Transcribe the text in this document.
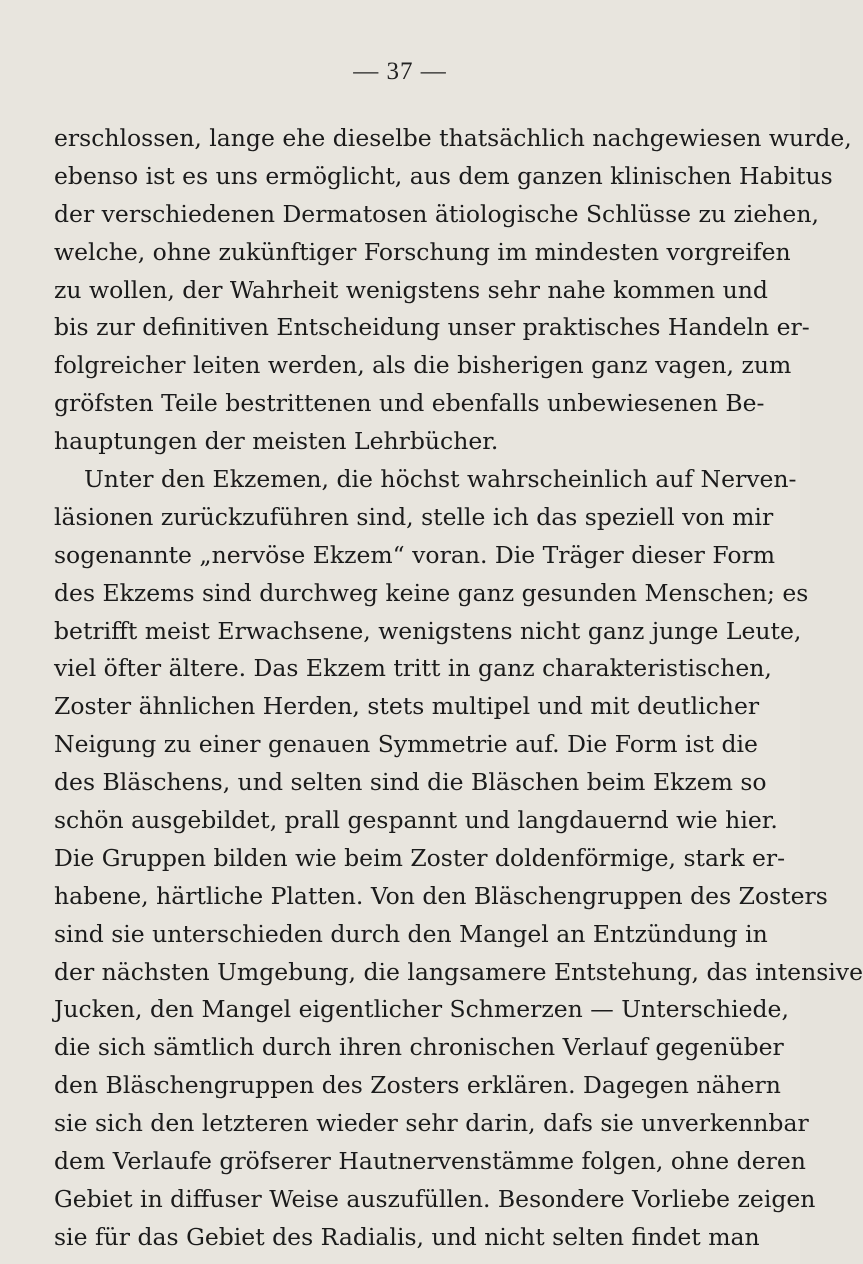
— 37 —
erschlossen, lange ehe dieselbe thatsächlich nachgewiesen wurde,
ebenso ist es uns ermöglicht, aus dem ganzen klinischen Habitus
der verschiedenen Dermatosen ätiologische Schlüsse zu ziehen,
welche, ohne zukünftiger Forschung im mindesten vorgreifen
zu wollen, der Wahrheit wenigstens sehr nahe kommen und
bis zur definitiven Entscheidung unser praktisches Handeln er-
folgreicher leiten werden, als die bisherigen ganz vagen, zum
gröfsten Teile bestrittenen und ebenfalls unbewiesenen Be-
hauptungen der meisten Lehrbücher.
Unter den Ekzemen, die höchst wahrscheinlich auf Nerven-
läsionen zurückzuführen sind, stelle ich das speziell von mir
sogenannte „nervöse Ekzem“ voran. Die Träger dieser Form
des Ekzems sind durchweg keine ganz gesunden Menschen; es
betrifft meist Erwachsene, wenigstens nicht ganz junge Leute,
viel öfter ältere. Das Ekzem tritt in ganz charakteristischen,
Zoster ähnlichen Herden, stets multipel und mit deutlicher
Neigung zu einer genauen Symmetrie auf. Die Form ist die
des Bläschens, und selten sind die Bläschen beim Ekzem so
schön ausgebildet, prall gespannt und langdauernd wie hier.
Die Gruppen bilden wie beim Zoster doldenförmige, stark er-
habene, härtliche Platten. Von den Bläschengruppen des Zosters
sind sie unterschieden durch den Mangel an Entzündung in
der nächsten Umgebung, die langsamere Entstehung, das intensive
Jucken, den Mangel eigentlicher Schmerzen — Unterschiede,
die sich sämtlich durch ihren chronischen Verlauf gegenüber
den Bläschengruppen des Zosters erklären. Dagegen nähern
sie sich den letzteren wieder sehr darin, dafs sie unverkennbar
dem Verlaufe gröfserer Hautnervenstämme folgen, ohne deren
Gebiet in diffuser Weise auszufüllen. Besondere Vorliebe zeigen
sie für das Gebiet des Radialis, und nicht selten findet man
